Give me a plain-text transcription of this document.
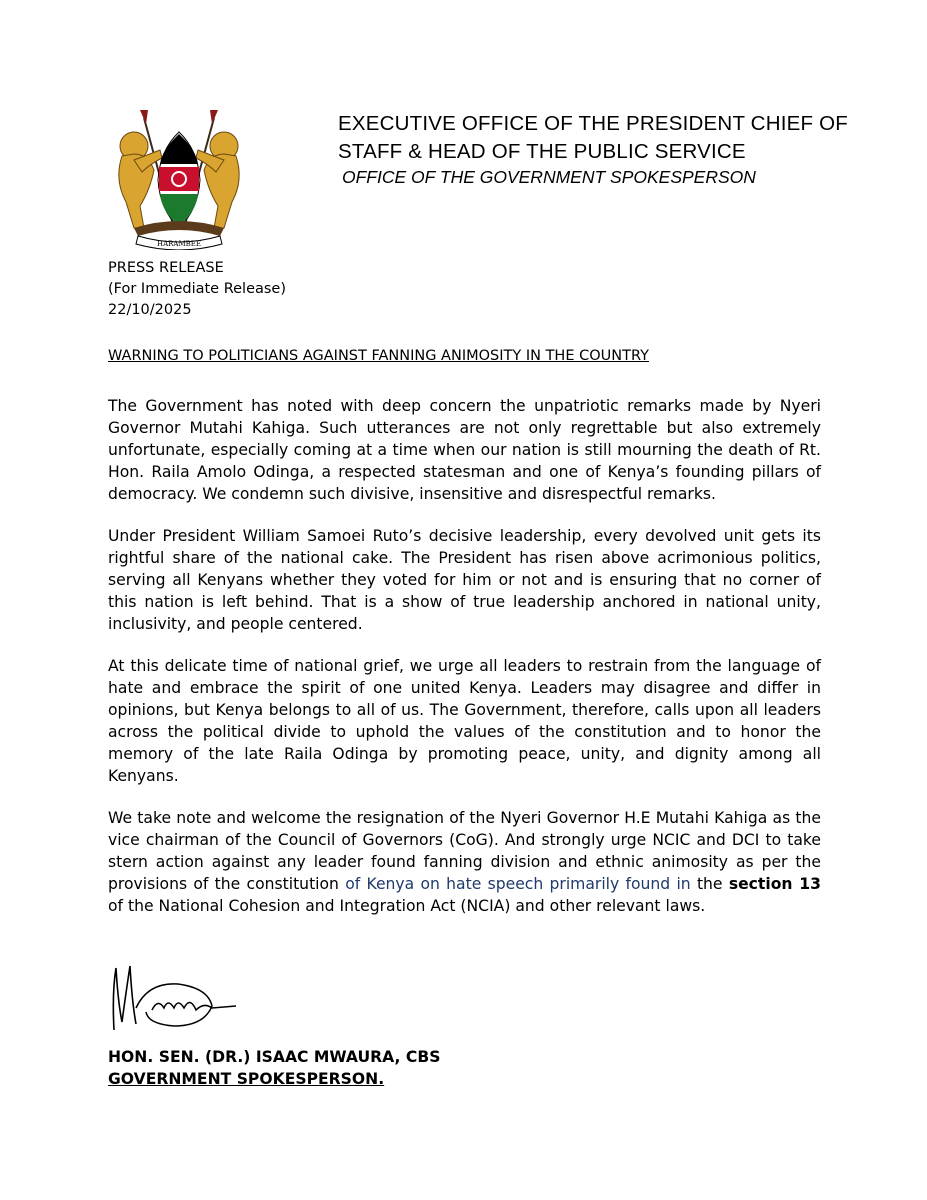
HARAMBEE
EXECUTIVE OFFICE OF THE PRESIDENT CHIEF OF
STAFF & HEAD OF THE PUBLIC SERVICE
OFFICE OF THE GOVERNMENT SPOKESPERSON
PRESS RELEASE
(For Immediate Release)
22/10/2025
WARNING TO POLITICIANS AGAINST FANNING ANIMOSITY IN THE COUNTRY

The Government has noted with deep concern the unpatriotic remarks made by Nyeri Governor Mutahi Kahiga. Such utterances are not only regrettable but also extremely unfortunate, especially coming at a time when our nation is still mourning the death of Rt. Hon. Raila Amolo Odinga, a respected statesman and one of Kenya’s founding pillars of democracy. We condemn such divisive, insensitive and disrespectful remarks.

Under President William Samoei Ruto’s decisive leadership, every devolved unit gets its rightful share of the national cake. The President has risen above acrimonious politics, serving all Kenyans whether they voted for him or not and is ensuring that no corner of this nation is left behind. That is a show of true leadership anchored in national unity, inclusivity, and people centered.

At this delicate time of national grief, we urge all leaders to restrain from the language of hate and embrace the spirit of one united Kenya. Leaders may disagree and differ in opinions, but Kenya belongs to all of us. The Government, therefore, calls upon all leaders across the political divide to uphold the values of the constitution and to honor the memory of the late Raila Odinga by promoting peace, unity, and dignity among all Kenyans.

We take note and welcome the resignation of the Nyeri Governor H.E Mutahi Kahiga as the vice chairman of the Council of Governors (CoG). And strongly urge NCIC and DCI to take stern action against any leader found fanning division and ethnic animosity as per the provisions of the constitution of Kenya on hate speech primarily found in the section 13 of the National Cohesion and Integration Act (NCIA) and other relevant laws.

HON. SEN. (DR.) ISAAC MWAURA, CBS
GOVERNMENT SPOKESPERSON.
